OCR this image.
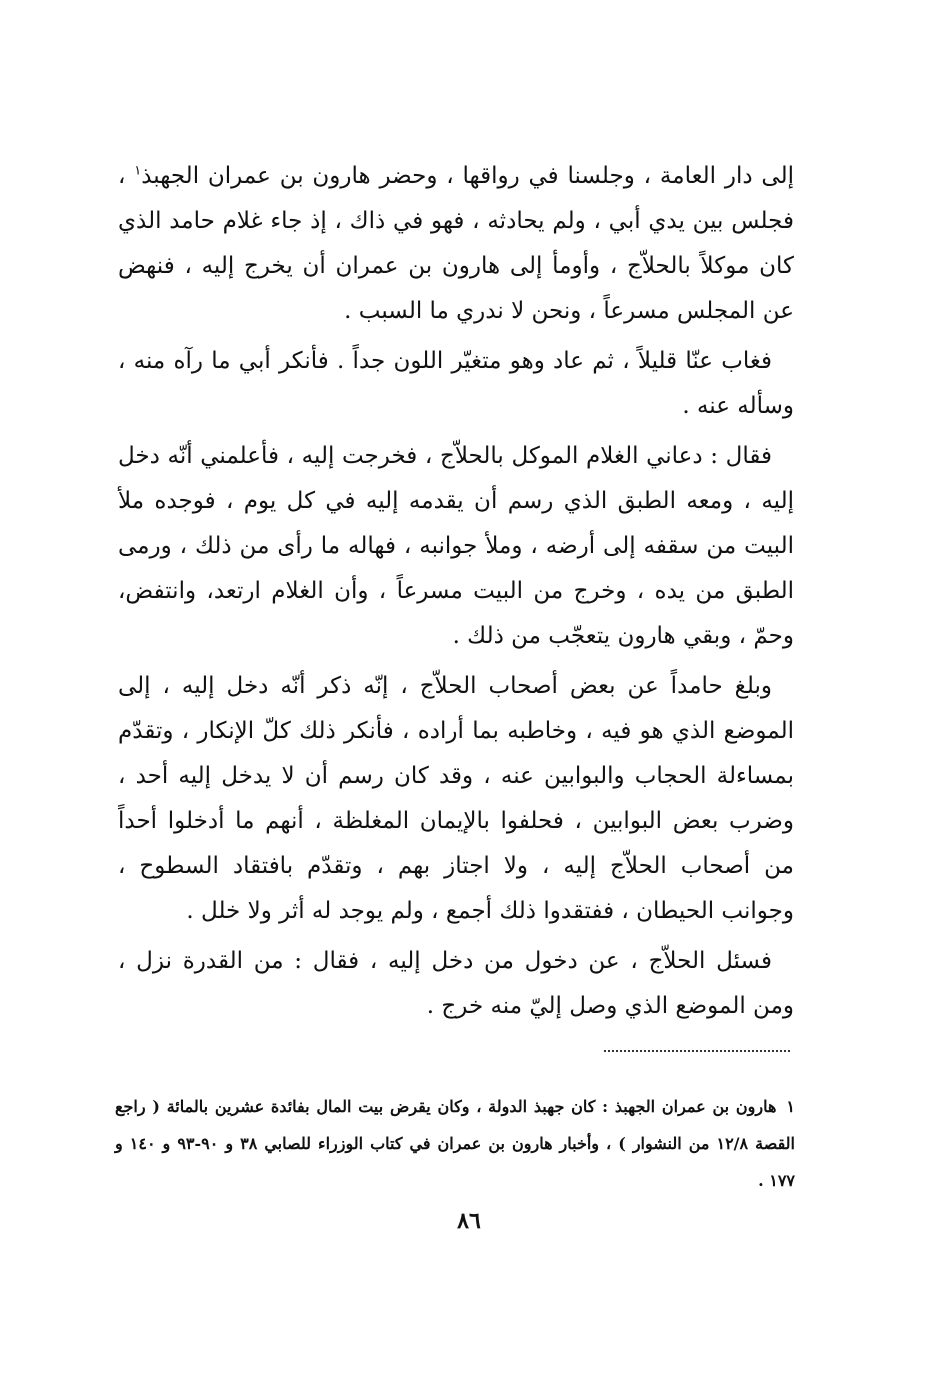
إلى دار العامة ، وجلسنا في رواقها ، وحضر هارون بن عمران الجهبذ$^١$ ، فجلس بين يدي أبي ، ولم يحادثه ، فهو في ذاك ، إذ جاء غلام حامد الذي كان موكلاً بالحلاّج ، وأومأ إلى هارون بن عمران أن يخرج إليه ، فنهض عن المجلس مسرعاً ، ونحن لا ندري ما السبب .

فغاب عنّا قليلاً ، ثم عاد وهو متغيّر اللون جداً . فأنكر أبي ما رآه منه ، وسأله عنه .

فقال : دعاني الغلام الموكل بالحلاّج ، فخرجت إليه ، فأعلمني أنّه دخل إليه ، ومعه الطبق الذي رسم أن يقدمه إليه في كل يوم ، فوجده ملأ البيت من سقفه إلى أرضه ، وملأ جوانبه ، فهاله ما رأى من ذلك ، ورمى الطبق من يده ، وخرج من البيت مسرعاً ، وأن الغلام ارتعد، وانتفض، وحمّ ، وبقي هارون يتعجّب من ذلك .

وبلغ حامداً عن بعض أصحاب الحلاّج ، إنّه ذكر أنّه دخل إليه ، إلى الموضع الذي هو فيه ، وخاطبه بما أراده ، فأنكر ذلك كلّ الإنكار ، وتقدّم بمساءلة الحجاب والبوابين عنه ، وقد كان رسم أن لا يدخل إليه أحد ، وضرب بعض البوابين ، فحلفوا بالإيمان المغلظة ، أنهم ما أدخلوا أحداً من أصحاب الحلاّج إليه ، ولا اجتاز بهم ، وتقدّم بافتقاد السطوح ، وجوانب الحيطان ، ففتقدوا ذلك أجمع ، ولم يوجد له أثر ولا خلل .

فسئل الحلاّج ، عن دخول من دخل إليه ، فقال : من القدرة نزل ، ومن الموضع الذي وصل إليّ منه خرج .

١هارون بن عمران الجهبذ : كان جهبذ الدولة ، وكان يقرض بيت المال بفائدة عشرين بالمائة ( راجع القصة ١٢/٨ من النشوار ) ، وأخبار هارون بن عمران في كتاب الوزراء للصابي ٣٨ و ٩٠-٩٣ و ١٤٠ و ١٧٧ .
٨٦
